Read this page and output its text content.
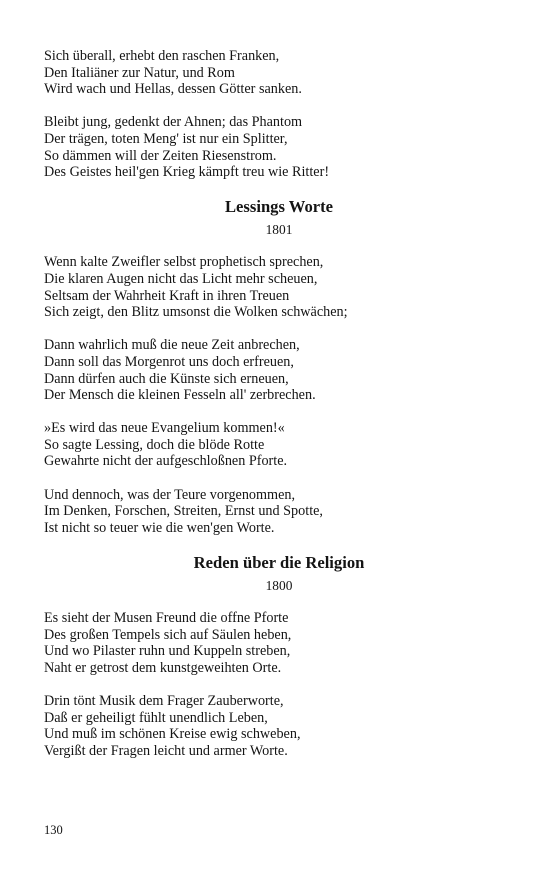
Sich überall, erhebt den raschen Franken,
Den Italiäner zur Natur, und Rom
Wird wach und Hellas, dessen Götter sanken.

Bleibt jung, gedenkt der Ahnen; das Phantom
Der trägen, toten Meng' ist nur ein Splitter,
So dämmen will der Zeiten Riesenstrom.
Des Geistes heil'gen Krieg kämpft treu wie Ritter!

Lessings Worte
1801

Wenn kalte Zweifler selbst prophetisch sprechen,
Die klaren Augen nicht das Licht mehr scheuen,
Seltsam der Wahrheit Kraft in ihren Treuen
Sich zeigt, den Blitz umsonst die Wolken schwächen;

Dann wahrlich muß die neue Zeit anbrechen,
Dann soll das Morgenrot uns doch erfreuen,
Dann dürfen auch die Künste sich erneuen,
Der Mensch die kleinen Fesseln all' zerbrechen.

»Es wird das neue Evangelium kommen!«
So sagte Lessing, doch die blöde Rotte
Gewahrte nicht der aufgeschloßnen Pforte.

Und dennoch, was der Teure vorgenommen,
Im Denken, Forschen, Streiten, Ernst und Spotte,
Ist nicht so teuer wie die wen'gen Worte.

Reden über die Religion
1800

Es sieht der Musen Freund die offne Pforte
Des großen Tempels sich auf Säulen heben,
Und wo Pilaster ruhn und Kuppeln streben,
Naht er getrost dem kunstgeweihten Orte.

Drin tönt Musik dem Frager Zauberworte,
Daß er geheiligt fühlt unendlich Leben,
Und muß im schönen Kreise ewig schweben,
Vergißt der Fragen leicht und armer Worte.

130
